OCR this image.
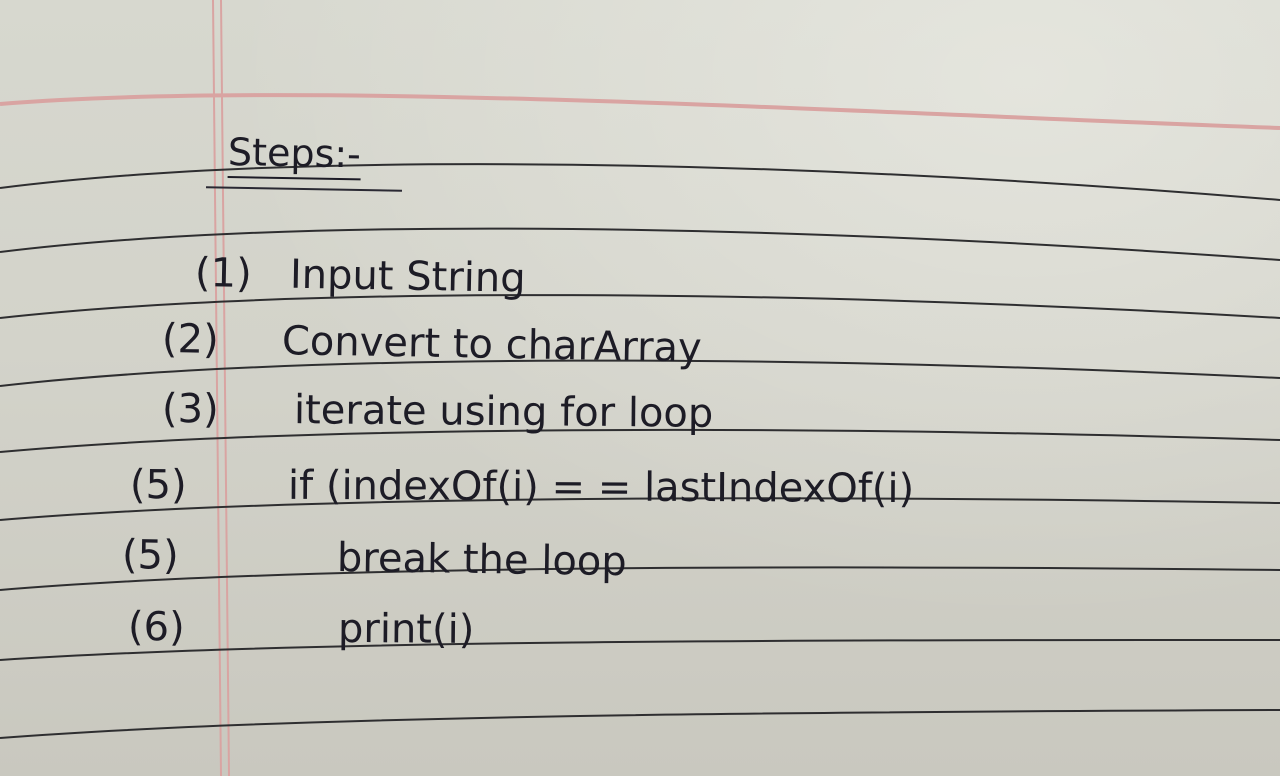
Steps:-

(1) Input String

(2) Convert to charArray

(3) iterate using for loop

(5)	if (indexOf(i) = = lastIndexOf(i)

(5)	break the loop

(6)	print(i)
